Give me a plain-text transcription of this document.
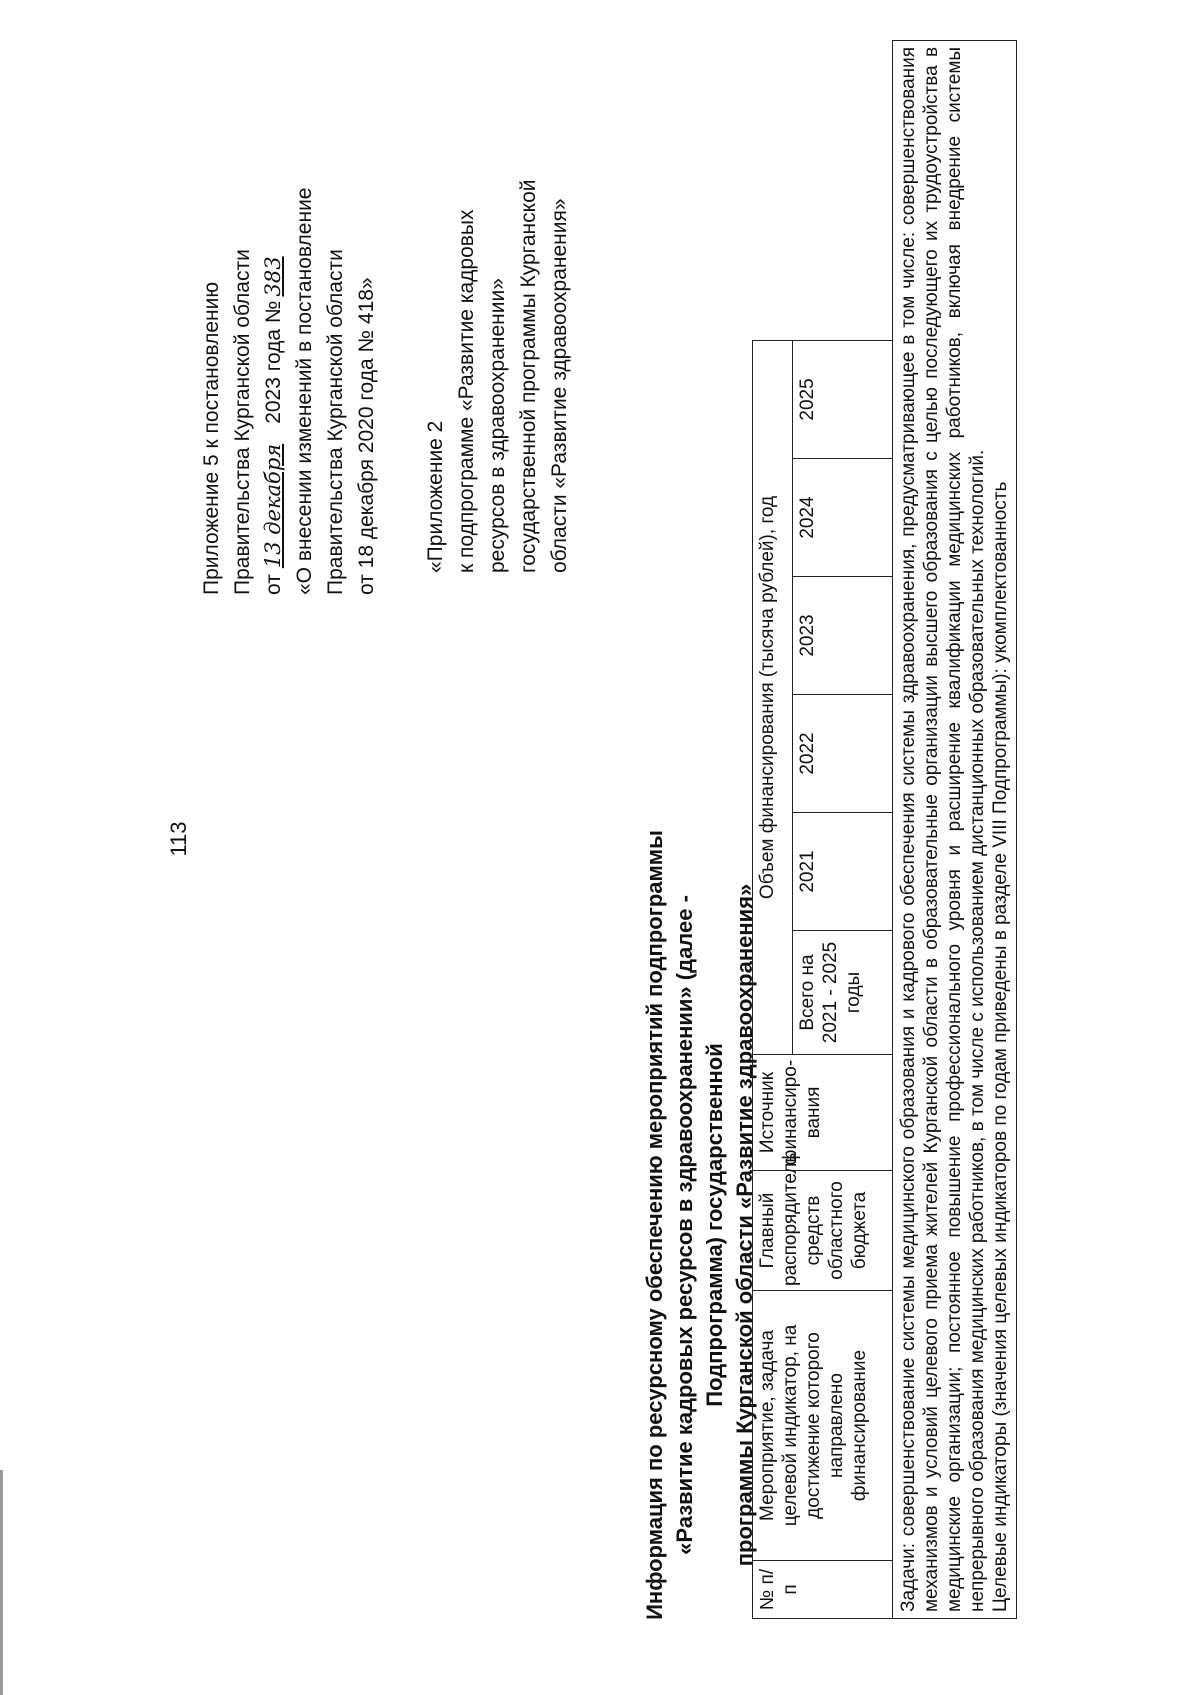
113
Приложение 5 к постановлению Правительства Курганской области от13 декабря2023 года №383 «О внесении изменений в постановление Правительства Курганской области от 18 декабря 2020 года № 418» «Приложение 2 к подпрограмме «Развитие кадровых ресурсов в здравоохранении» государственной программы Курганской области «Развитие здравоохранения»
Информация по ресурсному обеспечению мероприятий подпрограммы «Развитие кадровых ресурсов в здравоохранении» (далее - Подпрограмма) государственной программы Курганской области «Развитие здравоохранения»
№ п/п	Мероприятие, задача целевой индикатор, на достижение которого направлено финансирование	Главный распорядитель средств областного бюджета	Источник финансиро-вания	Объем финансирования (тысяча рублей), год						
				Всего на 2021 - 2025 годы	2021	2022	2023	2024	2025	

Задачи: совершенствование системы медицинского образования и кадрового обеспечения системы здравоохранения, предусматривающее в том числе: совершенствования механизмов и условий целевого приема жителей Курганской области в образовательные организации высшего образования с целью последующего их трудоустройства в медицинские организации; постоянное повышение профессионального уровня и расширение квалификации медицинских работников, включая внедрение системы непрерывного образования медицинских работников, в том числе с использованием дистанционных образовательных технологий. Целевые индикаторы (значения целевых индикаторов по годам приведены в разделе VIII Подпрограммы): укомплектованность										
